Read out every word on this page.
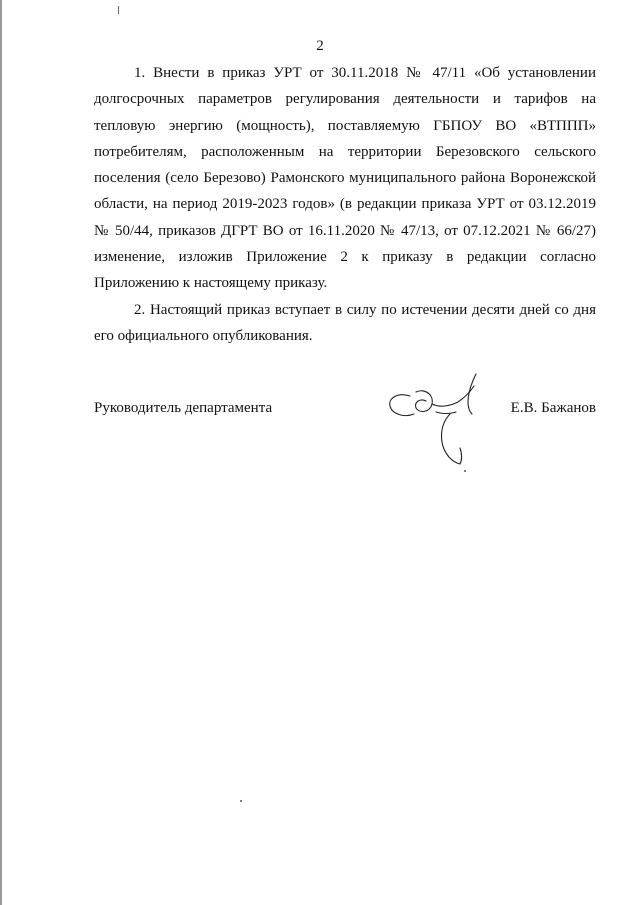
2

1. Внести в приказ УРТ от 30.11.2018 № 47/11 «Об установлении долгосрочных параметров регулирования деятельности и тарифов на тепловую энергию (мощность), поставляемую ГБПОУ ВО «ВТППП» потребителям, расположенным на территории Березовского сельского поселения (село Березово) Рамонского муниципального района Воронежской области, на период 2019-2023 годов» (в редакции приказа УРТ от 03.12.2019 № 50/44, приказов ДГРТ ВО от 16.11.2020 № 47/13, от 07.12.2021 № 66/27) изменение, изложив Приложение 2 к приказу в редакции согласно Приложению к настоящему приказу.

2. Настоящий приказ вступает в силу по истечении десяти дней со дня его официального опубликования.

Руководитель департамента	Е.В. Бажанов
